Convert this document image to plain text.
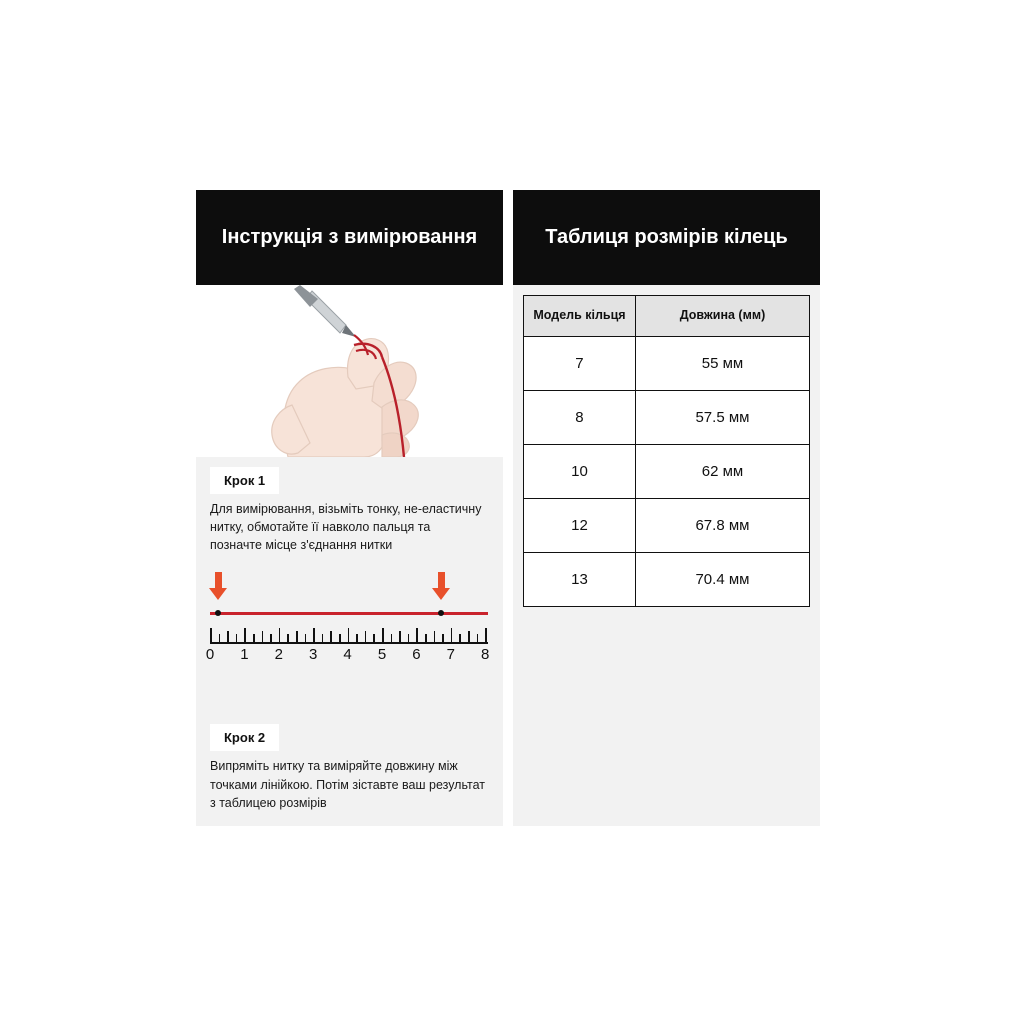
Інструкція з вимірювання
Крок 1

Для вимірювання, візьміть тонку, не-еластичну нитку, обмотайте її навколо пальця та позначте місце з'єднання нитки

0 1 2 3 4 5 6 7 8
Крок 2

Випряміть нитку та виміряйте довжину між точками лінійкою. Потім зіставте ваш результат з таблицею розмірів

Таблиця розмірів кілець
Модель кільця	Довжина (мм)
7	55 мм
8	57.5 мм
10	62 мм
12	67.8 мм
13	70.4 мм
